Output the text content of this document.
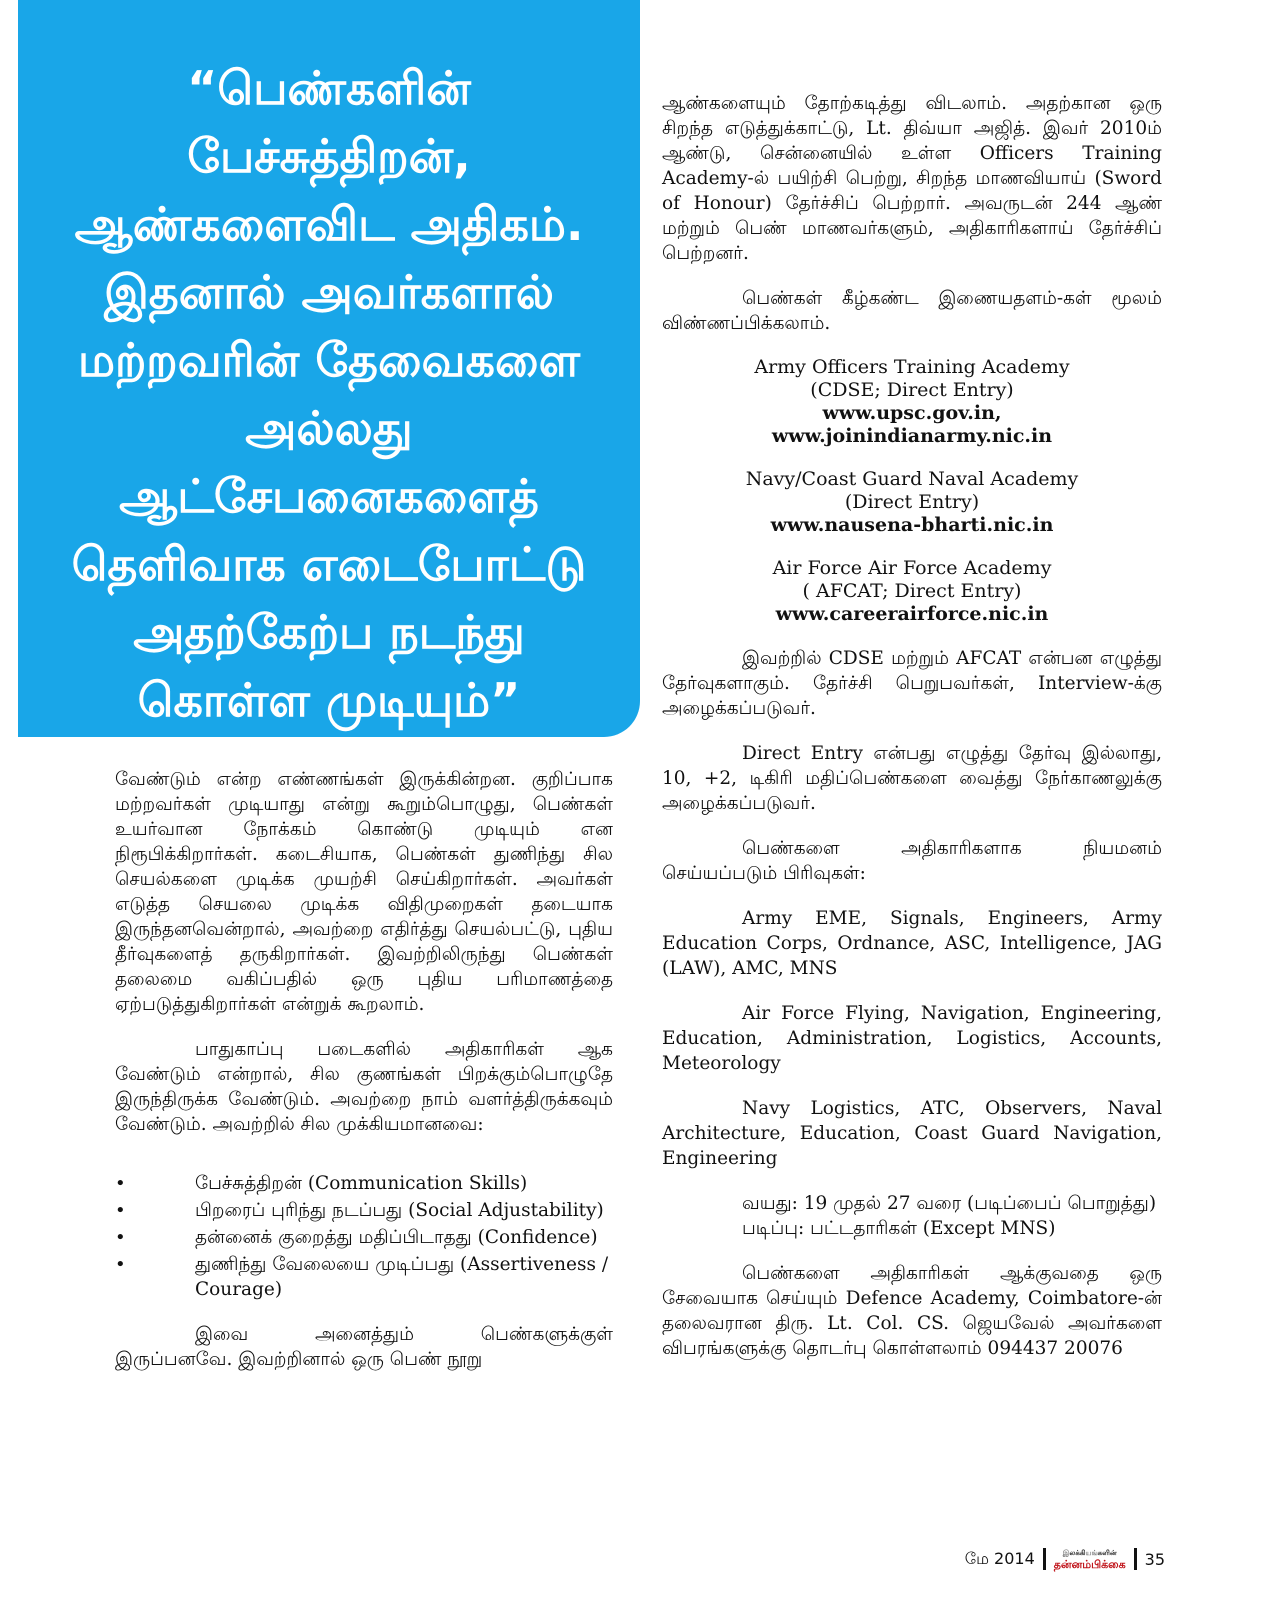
“பெண்களின்
பேச்சுத்திறன்,
ஆண்களைவிட அதிகம்.
இதனால் அவர்களால்
மற்றவரின் தேவைகளை
அல்லது
ஆட்சேபனைகளைத்
தெளிவாக எடைபோட்டு
அதற்கேற்ப நடந்து
கொள்ள முடியும்”

வேண்டும் என்ற எண்ணங்கள் இருக்கின்றன. குறிப்பாக மற்றவர்கள் முடியாது என்று கூறும்பொழுது, பெண்கள் உயர்வான நோக்கம் கொண்டு முடியும் என நிரூபிக்கிறார்கள். கடைசியாக, பெண்கள் துணிந்து சில செயல்களை முடிக்க முயற்சி செய்கிறார்கள். அவர்கள் எடுத்த செயலை முடிக்க விதிமுறைகள் தடையாக இருந்தனவென்றால், அவற்றை எதிர்த்து செயல்பட்டு, புதிய தீர்வுகளைத் தருகிறார்கள். இவற்றிலிருந்து பெண்கள் தலைமை வகிப்பதில் ஒரு புதிய பரிமாணத்தை ஏற்படுத்துகிறார்கள் என்றுக் கூறலாம்.

பாதுகாப்பு படைகளில் அதிகாரிகள் ஆக வேண்டும் என்றால், சில குணங்கள் பிறக்கும்பொழுதே இருந்திருக்க வேண்டும். அவற்றை நாம் வளர்த்திருக்கவும் வேண்டும். அவற்றில் சில முக்கியமானவை:

•	பேச்சுத்திறன் (Communication Skills)
•	பிறரைப் புரிந்து நடப்பது (Social Adjustability)
•	தன்னைக் குறைத்து மதிப்பிடாதது (Confidence)
•	துணிந்து வேலையை முடிப்பது (Assertiveness / Courage)

இவை அனைத்தும் பெண்களுக்குள் இருப்பனவே. இவற்றினால் ஒரு பெண் நூறு

ஆண்களையும் தோற்கடித்து விடலாம். அதற்கான ஒரு சிறந்த எடுத்துக்காட்டு, Lt. திவ்யா அஜித். இவர் 2010ம் ஆண்டு, சென்னையில் உள்ள Officers Training Academy-ல் பயிற்சி பெற்று, சிறந்த மாணவியாய் (Sword of Honour) தேர்ச்சிப் பெற்றார். அவருடன் 244 ஆண் மற்றும் பெண் மாணவர்களும், அதிகாரிகளாய் தேர்ச்சிப் பெற்றனர்.

பெண்கள் கீழ்கண்ட இணையதளம்-கள் மூலம் விண்ணப்பிக்கலாம்.

Army Officers Training Academy

(CDSE; Direct Entry)

www.upsc.gov.in,

www.joinindianarmy.nic.in

Navy/Coast Guard Naval Academy

(Direct Entry)

www.nausena-bharti.nic.in

Air Force Air Force Academy

( AFCAT; Direct Entry)

www.careerairforce.nic.in

இவற்றில் CDSE மற்றும் AFCAT என்பன எழுத்து தேர்வுகளாகும். தேர்ச்சி பெறுபவர்கள், Interview-க்கு அழைக்கப்படுவர்.

Direct Entry என்பது எழுத்து தேர்வு இல்லாது, 10, +2, டிகிரி மதிப்பெண்களை வைத்து நேர்காணலுக்கு அழைக்கப்படுவர்.

பெண்களை அதிகாரிகளாக நியமனம் செய்யப்படும் பிரிவுகள்:

Army EME, Signals, Engineers, Army Education Corps, Ordnance, ASC, Intelligence, JAG (LAW), AMC, MNS

Air Force Flying, Navigation, Engineering, Education, Administration, Logistics, Accounts, Meteorology

Navy Logistics, ATC, Observers, Naval Architecture, Education, Coast Guard Navigation, Engineering

வயது: 19 முதல் 27 வரை (படிப்பைப் பொறுத்து)

படிப்பு: பட்டதாரிகள் (Except MNS)

பெண்களை அதிகாரிகள் ஆக்குவதை ஒரு சேவையாக செய்யும் Defence Academy, Coimbatore-ன் தலைவரான திரு. Lt. Col. CS. ஜெயவேல் அவர்களை விபரங்களுக்கு தொடர்பு கொள்ளலாம் 094437 20076

மே 2014	இலக்கியங்களின்
தன்னம்பிக்கை 35
